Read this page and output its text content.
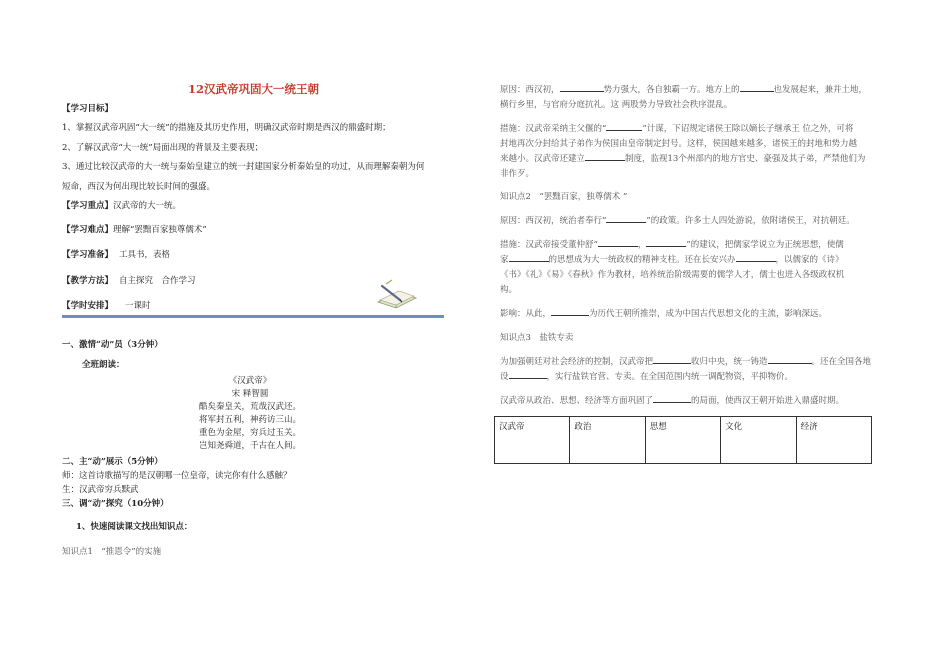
12汉武帝巩固大一统王朝
【学习目标】
1、掌握汉武帝巩固“大一统”的措施及其历史作用，明确汉武帝时期是西汉的鼎盛时期；
2、了解汉武帝“大一统”局面出现的背景及主要表现；
3、通过比较汉武帝的大一统与秦始皇建立的统一封建国家分析秦始皇的功过，从而理解秦朝为何
短命，西汉为何出现比较长时间的强盛。
【学习重点】汉武帝的大一统。
【学习难点】理解“罢黜百家独尊儒术”
【学习准备】 工具书，表格
【教学方法】 自主探究　合作学习
【学时安排】 一课时
一、激情“动”员（3分钟）
全班朗读：
《汉武帝》
宋 释智圆
酷矣秦皇关，荒哉汉武还。
将军封五利，神药访三山。
重色为金屋，穷兵过玉关。
岂知尧舜道，千古在人间。
二、主“动”展示（5分钟）
师：这首诗歌描写的是汉朝哪一位皇帝，读完你有什么感触？
生：汉武帝穷兵黩武
三、调“动”探究（10分钟）
1、快速阅读课文找出知识点：
知识点1　“推恩令”的实施
原因：西汉初，	势力强大，各自独霸一方。地方上的	也发展起来，兼并土地，
横行乡里，与官府分庭抗礼。这 两股势力导致社会秩序混乱。
措施：汉武帝采纳主父偃的“	”计谋，下诏规定诸侯王除以嫡长子继承王 位之外，可将
封地再次分封给其子弟作为侯国由皇帝制定封号。这样，侯国越来越多，诸侯王的封地和势力越
来越小。汉武帝还建立	制度，监视13个州部内的地方官史、豪强及其子弟，严禁他们为
非作歹。
知识点2　“罢黜百家，独尊儒术 ”
原因：西汉初，统治者奉行“	”的政策。许多士人四处游说，依附诸侯王，对抗朝廷。
措施：汉武帝接受董仲舒“	，	”的建议，把儒家学说立为正统思想，使儒
家	的思想成为大一统政权的精神支柱。还在长安兴办	，以儒家的《诗》
《书》《礼》《易》《春秋》作为教材，培养统治阶级需要的儒学人才，儒士也进入各级政权机
构。
影响：从此，	为历代王朝所推崇，成为中国古代思想文化的主流，影响深远。
知识点3　盐铁专卖
为加强朝廷对社会经济的控制，汉武帝把	收归中央，统一铸造	。还在全国各地
设	，实行盐铁官营、专卖。在全国范围内统一调配物资，平抑物价。
汉武帝从政治、思想、经济等方面巩固了	的局面，使西汉王朝开始进入鼎盛时期。
汉武帝	政治	思想	文化	经济
